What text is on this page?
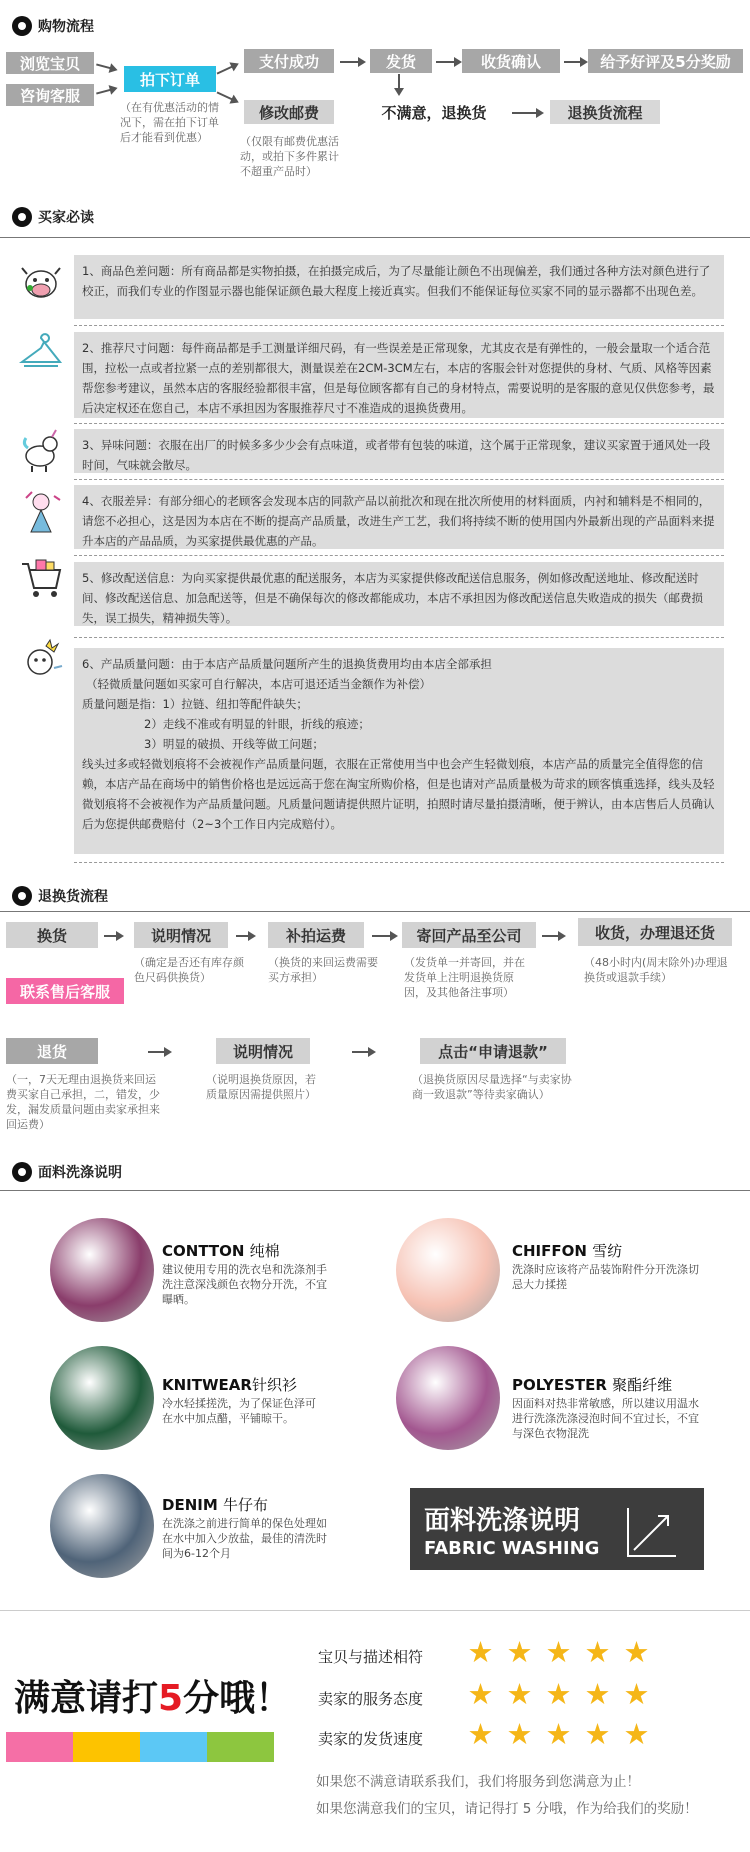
购物流程
浏览宝贝
咨询客服
拍下订单
（在有优惠活动的情况下，需在拍下订单后才能看到优惠）
支付成功
修改邮费
（仅限有邮费优惠活动，或拍下多件累计不超重产品时）
发货
不满意，退换货
收货确认
退换货流程
给予好评及5分奖励
买家必读
1、商品色差问题：所有商品都是实物拍摄，在拍摄完成后，为了尽量能让颜色不出现偏差，我们通过各种方法对颜色进行了校正，而我们专业的作图显示器也能保证颜色最大程度上接近真实。但我们不能保证每位买家不同的显示器都不出现色差。
2、推荐尺寸问题：每件商品都是手工测量详细尺码，有一些误差是正常现象，尤其皮衣是有弹性的，一般会量取一个适合范围，拉松一点或者拉紧一点的差别都很大，测量误差在2CM-3CM左右，本店的客服会针对您提供的身材、气质、风格等因素帮您参考建议，虽然本店的客服经验都很丰富，但是每位顾客都有自己的身材特点，需要说明的是客服的意见仅供您参考，最后决定权还在您自己，本店不承担因为客服推荐尺寸不准造成的退换货费用。
3、异味问题：衣服在出厂的时候多多少少会有点味道，或者带有包装的味道，这个属于正常现象，建议买家置于通风处一段时间，气味就会散尽。
4、衣服差异：有部分细心的老顾客会发现本店的同款产品以前批次和现在批次所使用的材料面质，内衬和辅料是不相同的，请您不必担心，这是因为本店在不断的提高产品质量，改进生产工艺，我们将持续不断的使用国内外最新出现的产品面料来提升本店的产品品质，为买家提供最优惠的产品。
5、修改配送信息：为向买家提供最优惠的配送服务，本店为买家提供修改配送信息服务，例如修改配送地址、修改配送时间、修改配送信息、加急配送等，但是不确保每次的修改都能成功，本店不承担因为修改配送信息失败造成的损失（邮费损失，误工损失，精神损失等）。
6、产品质量问题：由于本店产品质量问题所产生的退换货费用均由本店全部承担
（轻微质量问题如买家可自行解决，本店可退还适当金额作为补偿）
质量问题是指：1）拉链、纽扣等配件缺失；
2）走线不准或有明显的针眼，折线的痕迹；
3）明显的破损、开线等做工问题；
线头过多或轻微划痕将不会被视作产品质量问题，衣服在正常使用当中也会产生轻微划痕，本店产品的质量完全值得您的信赖，本店产品在商场中的销售价格也是远远高于您在淘宝所购价格，但是也请对产品质量极为苛求的顾客慎重选择，线头及轻微划痕将不会被视作为产品质量问题。凡质量问题请提供照片证明，拍照时请尽量拍摄清晰，便于辨认，由本店售后人员确认后为您提供邮费赔付（2~3个工作日内完成赔付）。
退换货流程
换货	说明情况
（确定是否还有库存颜色尺码供换货）
补拍运费
（换货的来回运费需要买方承担）
寄回产品至公司
（发货单一并寄回，并在发货单上注明退换货原因，及其他备注事项）
收货，办理退还货
（48小时内(周末除外)办理退换货或退款手续）
联系售后客服
退货
（一，7天无理由退换货来回运费买家自己承担，二，错发，少发，漏发质量问题由卖家承担来回运费）
说明情况
（说明退换货原因，若质量原因需提供照片）
点击“申请退款”
（退换货原因尽量选择“与卖家协商一致退款”等待卖家确认）
面料洗涤说明
CONTTON 纯棉
建议使用专用的洗衣皂和洗涤剂手洗注意深浅颜色衣物分开洗，不宜曝晒。
CHIFFON 雪纺
洗涤时应该将产品装饰附件分开洗涤切忌大力揉搓
KNITWEAR针织衫
冷水轻揉搓洗，为了保证色泽可在水中加点醋，平铺晾干。
POLYESTER 聚酯纤维
因面料对热非常敏感，所以建议用温水进行洗涤洗涤浸泡时间不宜过长，不宜与深色衣物混洗
DENIM 牛仔布
在洗涤之前进行简单的保色处理如在水中加入少放盐，最佳的清洗时间为6-12个月
面料洗涤说明
FABRIC WASHING
满意请打5分哦！
宝贝与描述相符 ★ ★ ★ ★ ★
卖家的服务态度 ★ ★ ★ ★ ★
卖家的发货速度 ★ ★ ★ ★ ★
如果您不满意请联系我们，我们将服务到您满意为止！
如果您满意我们的宝贝，请记得打 5 分哦，作为给我们的奖励！
